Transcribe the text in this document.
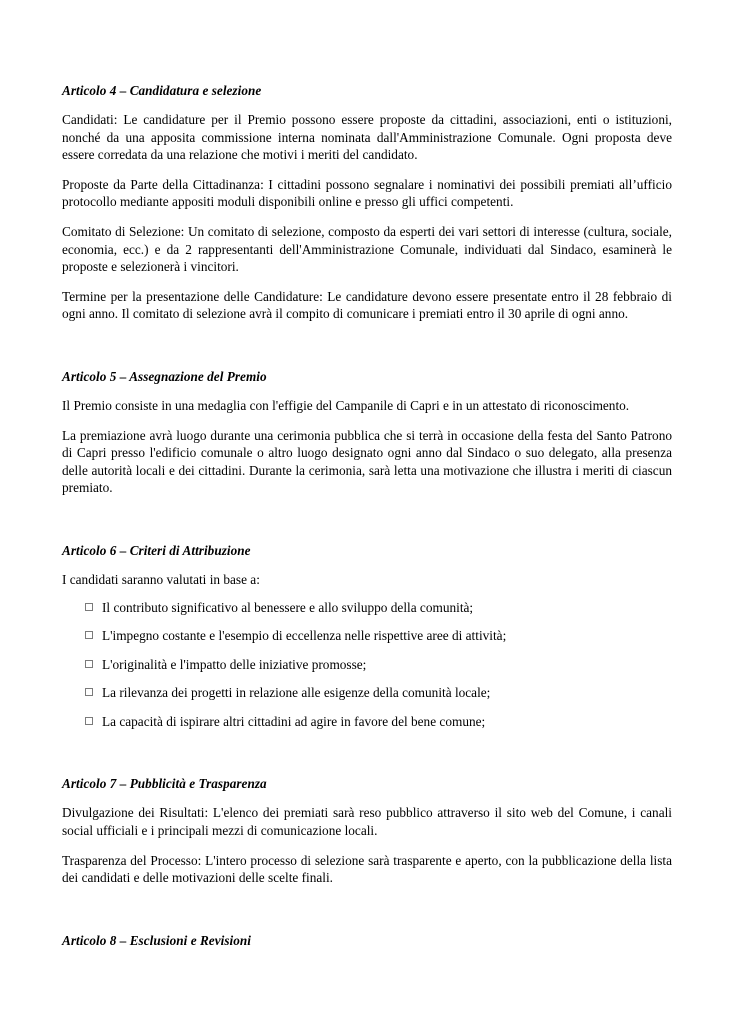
Articolo 4 – Candidatura e selezione

Candidati: Le candidature per il Premio possono essere proposte da cittadini, associazioni, enti o istituzioni, nonché da una apposita commissione interna nominata dall'Amministrazione Comunale. Ogni proposta deve essere corredata da una relazione che motivi i meriti del candidato.

Proposte da Parte della Cittadinanza: I cittadini possono segnalare i nominativi dei possibili premiati all’ufficio protocollo mediante appositi moduli disponibili online e presso gli uffici competenti.

Comitato di Selezione: Un comitato di selezione, composto da esperti dei vari settori di interesse (cultura, sociale, economia, ecc.) e da 2 rappresentanti dell'Amministrazione Comunale, individuati dal Sindaco, esaminerà le proposte e selezionerà i vincitori.

Termine per la presentazione delle Candidature: Le candidature devono essere presentate entro il 28 febbraio di ogni anno. Il comitato di selezione avrà il compito di comunicare i premiati entro il 30 aprile di ogni anno.

Articolo 5 – Assegnazione del Premio

Il Premio consiste in una medaglia con l'effigie del Campanile di Capri e in un attestato di riconoscimento.

La premiazione avrà luogo durante una cerimonia pubblica che si terrà in occasione della festa del Santo Patrono di Capri presso l'edificio comunale o altro luogo designato ogni anno dal Sindaco o suo delegato, alla presenza delle autorità locali e dei cittadini. Durante la cerimonia, sarà letta una motivazione che illustra i meriti di ciascun premiato.

Articolo 6 – Criteri di Attribuzione

I candidati saranno valutati in base a:

Il contributo significativo al benessere e allo sviluppo della comunità;
L'impegno costante e l'esempio di eccellenza nelle rispettive aree di attività;
L'originalità e l'impatto delle iniziative promosse;
La rilevanza dei progetti in relazione alle esigenze della comunità locale;
La capacità di ispirare altri cittadini ad agire in favore del bene comune;
Articolo 7 – Pubblicità e Trasparenza

Divulgazione dei Risultati: L'elenco dei premiati sarà reso pubblico attraverso il sito web del Comune, i canali social ufficiali e i principali mezzi di comunicazione locali.

Trasparenza del Processo: L'intero processo di selezione sarà trasparente e aperto, con la pubblicazione della lista dei candidati e delle motivazioni delle scelte finali.

Articolo 8 – Esclusioni e Revisioni
